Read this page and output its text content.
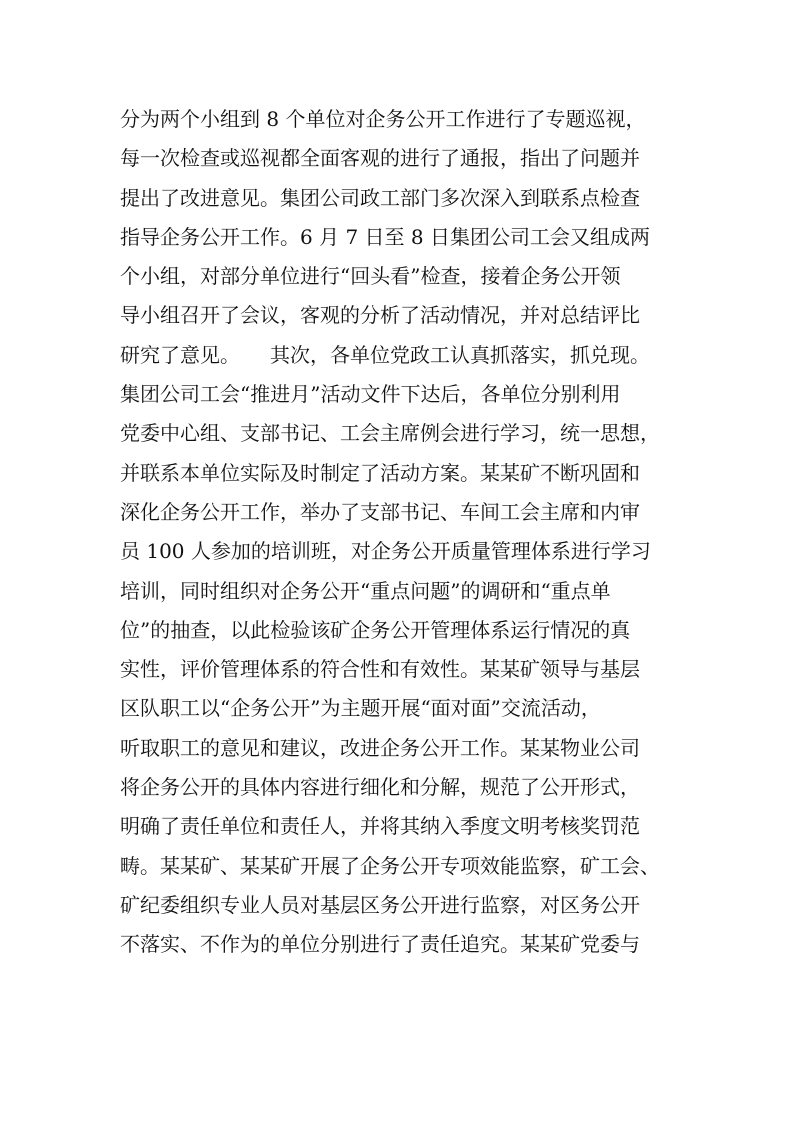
分为两个小组到 8 个单位对企务公开工作进行了专题巡视，
每一次检查或巡视都全面客观的进行了通报，指出了问题并
提出了改进意见。集团公司政工部门多次深入到联系点检查
指导企务公开工作。6 月 7 日至 8 日集团公司工会又组成两
个小组，对部分单位进行“回头看”检查，接着企务公开领
导小组召开了会议，客观的分析了活动情况，并对总结评比
研究了意见。　　其次，各单位党政工认真抓落实，抓兑现。
集团公司工会“推进月”活动文件下达后，各单位分别利用
党委中心组、支部书记、工会主席例会进行学习，统一思想，
并联系本单位实际及时制定了活动方案。某某矿不断巩固和
深化企务公开工作，举办了支部书记、车间工会主席和内审
员 100 人参加的培训班，对企务公开质量管理体系进行学习
培训，同时组织对企务公开“重点问题”的调研和“重点单
位”的抽查，以此检验该矿企务公开管理体系运行情况的真
实性，评价管理体系的符合性和有效性。某某矿领导与基层
区队职工以“企务公开”为主题开展“面对面”交流活动，
听取职工的意见和建议，改进企务公开工作。某某物业公司
将企务公开的具体内容进行细化和分解，规范了公开形式，
明确了责任单位和责任人，并将其纳入季度文明考核奖罚范
畴。某某矿、某某矿开展了企务公开专项效能监察，矿工会、
矿纪委组织专业人员对基层区务公开进行监察，对区务公开
不落实、不作为的单位分别进行了责任追究。某某矿党委与
